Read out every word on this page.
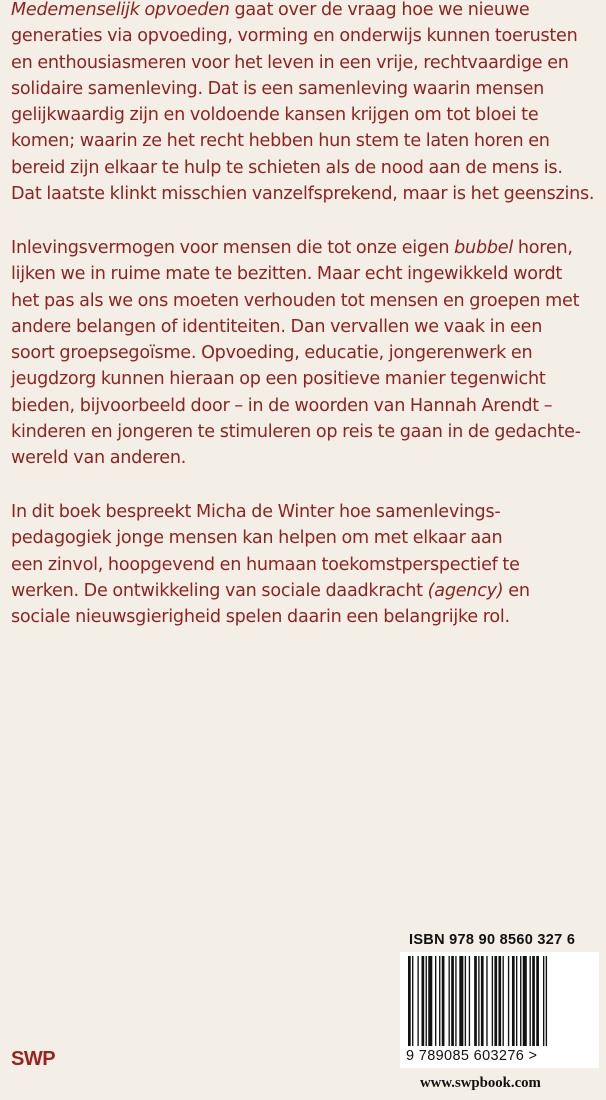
Medemenselijk opvoeden gaat over de vraag hoe we nieuwe
generaties via opvoeding, vorming en onderwijs kunnen toerusten
en enthousiasmeren voor het leven in een vrije, rechtvaardige en
solidaire samenleving. Dat is een samenleving waarin mensen
gelijkwaardig zijn en voldoende kansen krijgen om tot bloei te
komen; waarin ze het recht hebben hun stem te laten horen en
bereid zijn elkaar te hulp te schieten als de nood aan de mens is.
Dat laatste klinkt misschien vanzelfsprekend, maar is het geenszins.
Inlevingsvermogen voor mensen die tot onze eigen bubbel horen,
lijken we in ruime mate te bezitten. Maar echt ingewikkeld wordt
het pas als we ons moeten verhouden tot mensen en groepen met
andere belangen of identiteiten. Dan vervallen we vaak in een
soort groepsegoïsme. Opvoeding, educatie, jongerenwerk en
jeugdzorg kunnen hieraan op een positieve manier tegenwicht
bieden, bijvoorbeeld door – in de woorden van Hannah Arendt –
kinderen en jongeren te stimuleren op reis te gaan in de gedachte-
wereld van anderen.
In dit boek bespreekt Micha de Winter hoe samenlevings-
pedagogiek jonge mensen kan helpen om met elkaar aan
een zinvol, hoopgevend en humaan toekomstperspectief te
werken. De ontwikkeling van sociale daadkracht (agency) en
sociale nieuwsgierigheid spelen daarin een belangrijke rol.
ISBN 978 90 8560 327 6
9 789085 603276 >
SWP
www.swpbook.com
